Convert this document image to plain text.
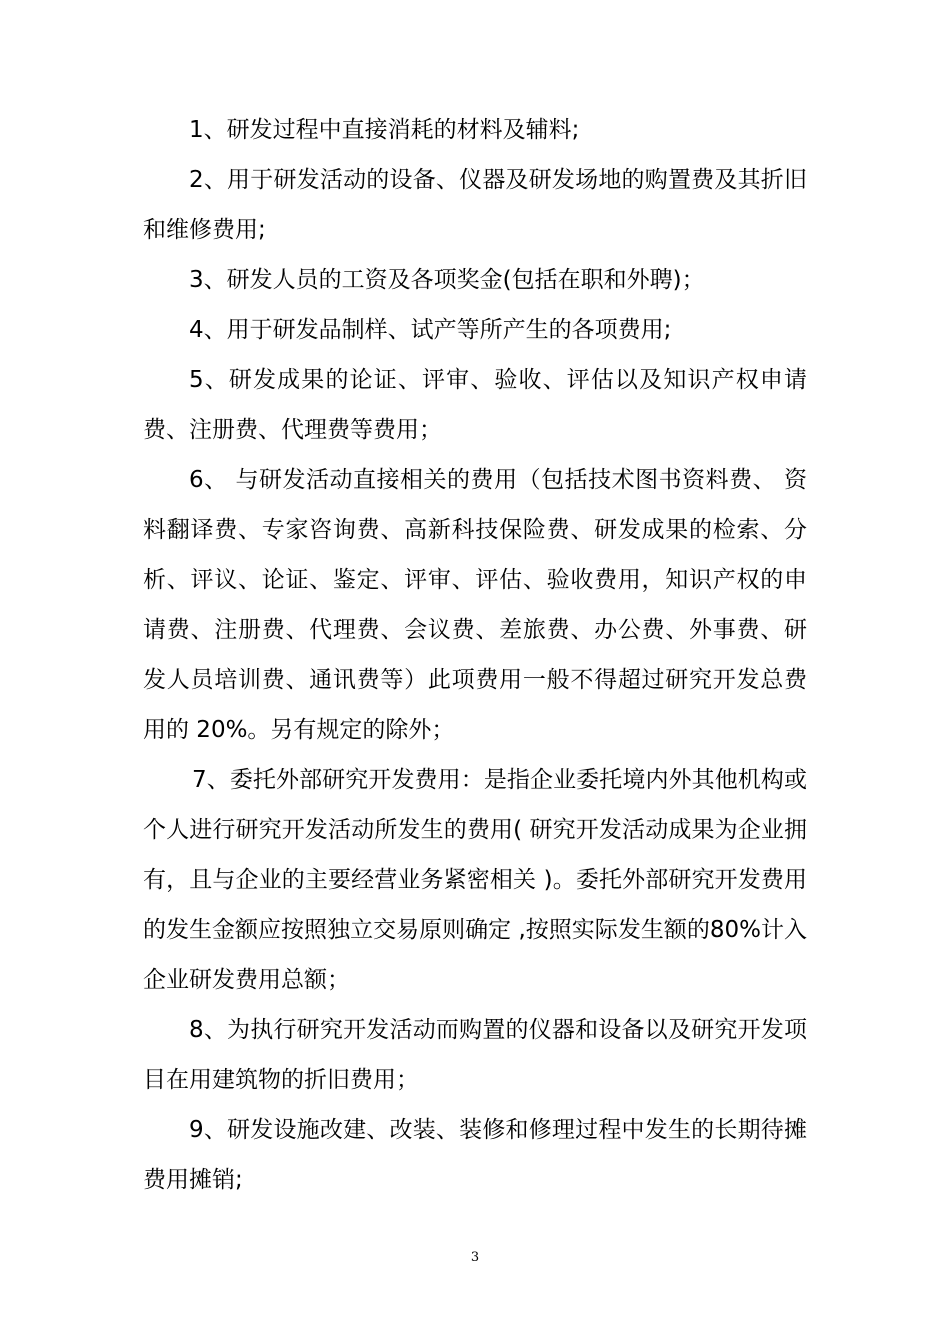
1、研发过程中直接消耗的材料及辅料;

2、用于研发活动的设备、仪器及研发场地的购置费及其折旧和维修费用;

3、研发人员的工资及各项奖金(包括在职和外聘)；

4、用于研发品制样、试产等所产生的各项费用;

5、研发成果的论证、评审、验收、评估以及知识产权申请费、注册费、代理费等费用；

6、 与研发活动直接相关的费用（包括技术图书资料费、 资料翻译费、专家咨询费、高新科技保险费、研发成果的检索、分析、评议、论证、鉴定、评审、评估、验收费用，知识产权的申请费、注册费、代理费、会议费、差旅费、办公费、外事费、研发人员培训费、通讯费等）此项费用一般不得超过研究开发总费用的 20%。另有规定的除外；

7、委托外部研究开发费用：是指企业委托境内外其他机构或个人进行研究开发活动所发生的费用( 研究开发活动成果为企业拥有，且与企业的主要经营业务紧密相关 )。委托外部研究开发费用的发生金额应按照独立交易原则确定 ,按照实际发生额的80%计入企业研发费用总额；

8、为执行研究开发活动而购置的仪器和设备以及研究开发项目在用建筑物的折旧费用；

9、研发设施改建、改装、装修和修理过程中发生的长期待摊费用摊销;

3
